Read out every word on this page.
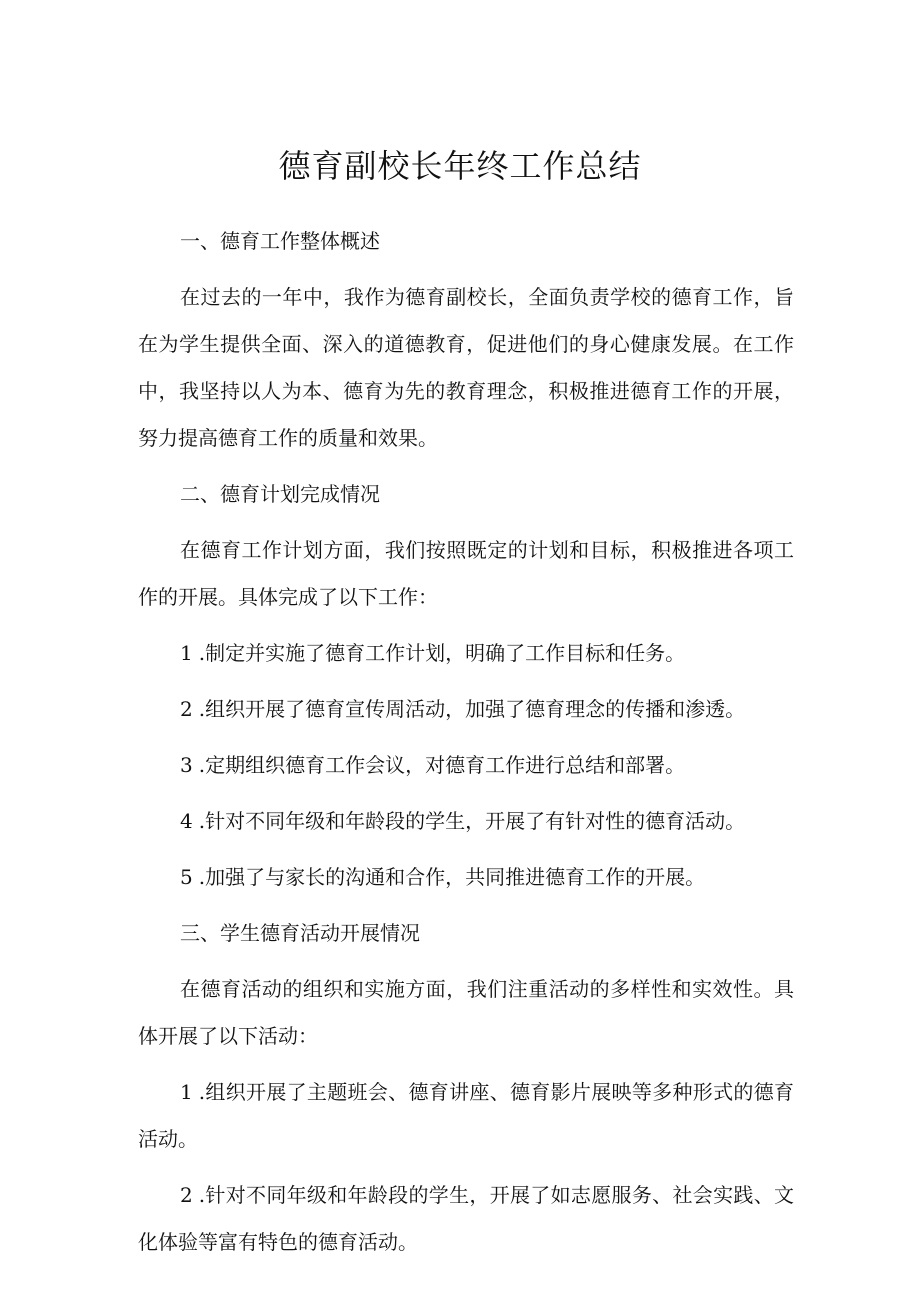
德育副校长年终工作总结
一、德育工作整体概述
在过去的一年中，我作为德育副校长，全面负责学校的德育工作，旨在为学生提供全面、深入的道德教育，促进他们的身心健康发展。在工作中，我坚持以人为本、德育为先的教育理念，积极推进德育工作的开展，努力提高德育工作的质量和效果。
二、德育计划完成情况
在德育工作计划方面，我们按照既定的计划和目标，积极推进各项工作的开展。具体完成了以下工作：
1 .制定并实施了德育工作计划，明确了工作目标和任务。
2 .组织开展了德育宣传周活动，加强了德育理念的传播和渗透。
3 .定期组织德育工作会议，对德育工作进行总结和部署。
4 .针对不同年级和年龄段的学生，开展了有针对性的德育活动。
5 .加强了与家长的沟通和合作，共同推进德育工作的开展。
三、学生德育活动开展情况
在德育活动的组织和实施方面，我们注重活动的多样性和实效性。具体开展了以下活动：
1 .组织开展了主题班会、德育讲座、德育影片展映等多种形式的德育活动。
2 .针对不同年级和年龄段的学生，开展了如志愿服务、社会实践、文化体验等富有特色的德育活动。
